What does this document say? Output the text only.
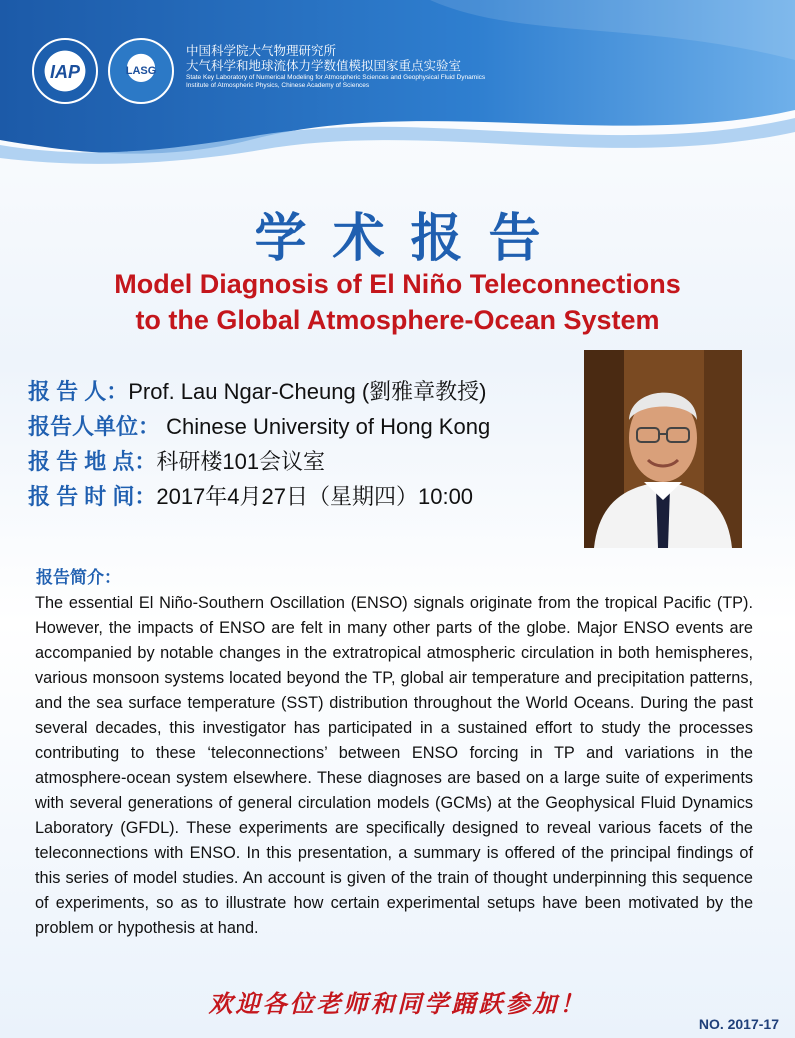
IAP	LASG
中国科学院大气物理研究所
大气科学和地球流体力学数值模拟国家重点实验室
State Key Laboratory of Numerical Modeling for Atmospheric Sciences and Geophysical Fluid Dynamics
Institute of Atmospheric Physics, Chinese Academy of Sciences
学术报告
Model Diagnosis of El Niño Teleconnections
to the Global Atmosphere-Ocean System
报 告 人：Prof. Lau Ngar-Cheung (劉雅章教授)
报告人单位： Chinese University of Hong Kong
报 告 地 点：科研楼101会议室
报 告 时 间：2017年4月27日（星期四）10:00
报告简介：
The essential El Niño-Southern Oscillation (ENSO) signals originate from the tropical Pacific (TP). However, the impacts of ENSO are felt in many other parts of the globe. Major ENSO events are accompanied by notable changes in the extratropical atmospheric circulation in both hemispheres, various monsoon systems located beyond the TP, global air temperature and precipitation patterns, and the sea surface temperature (SST) distribution throughout the World Oceans. During the past several decades, this investigator has participated in a sustained effort to study the processes contributing to these ‘teleconnections’ between ENSO forcing in TP and variations in the atmosphere-ocean system elsewhere. These diagnoses are based on a large suite of experiments with several generations of general circulation models (GCMs) at the Geophysical Fluid Dynamics Laboratory (GFDL). These experiments are specifically designed to reveal various facets of the teleconnections with ENSO. In this presentation, a summary is offered of the principal findings of this series of model studies. An account is given of the train of thought underpinning this sequence of experiments, so as to illustrate how certain experimental setups have been motivated by the problem or hypothesis at hand.
欢迎各位老师和同学踊跃参加！
NO. 2017-17
